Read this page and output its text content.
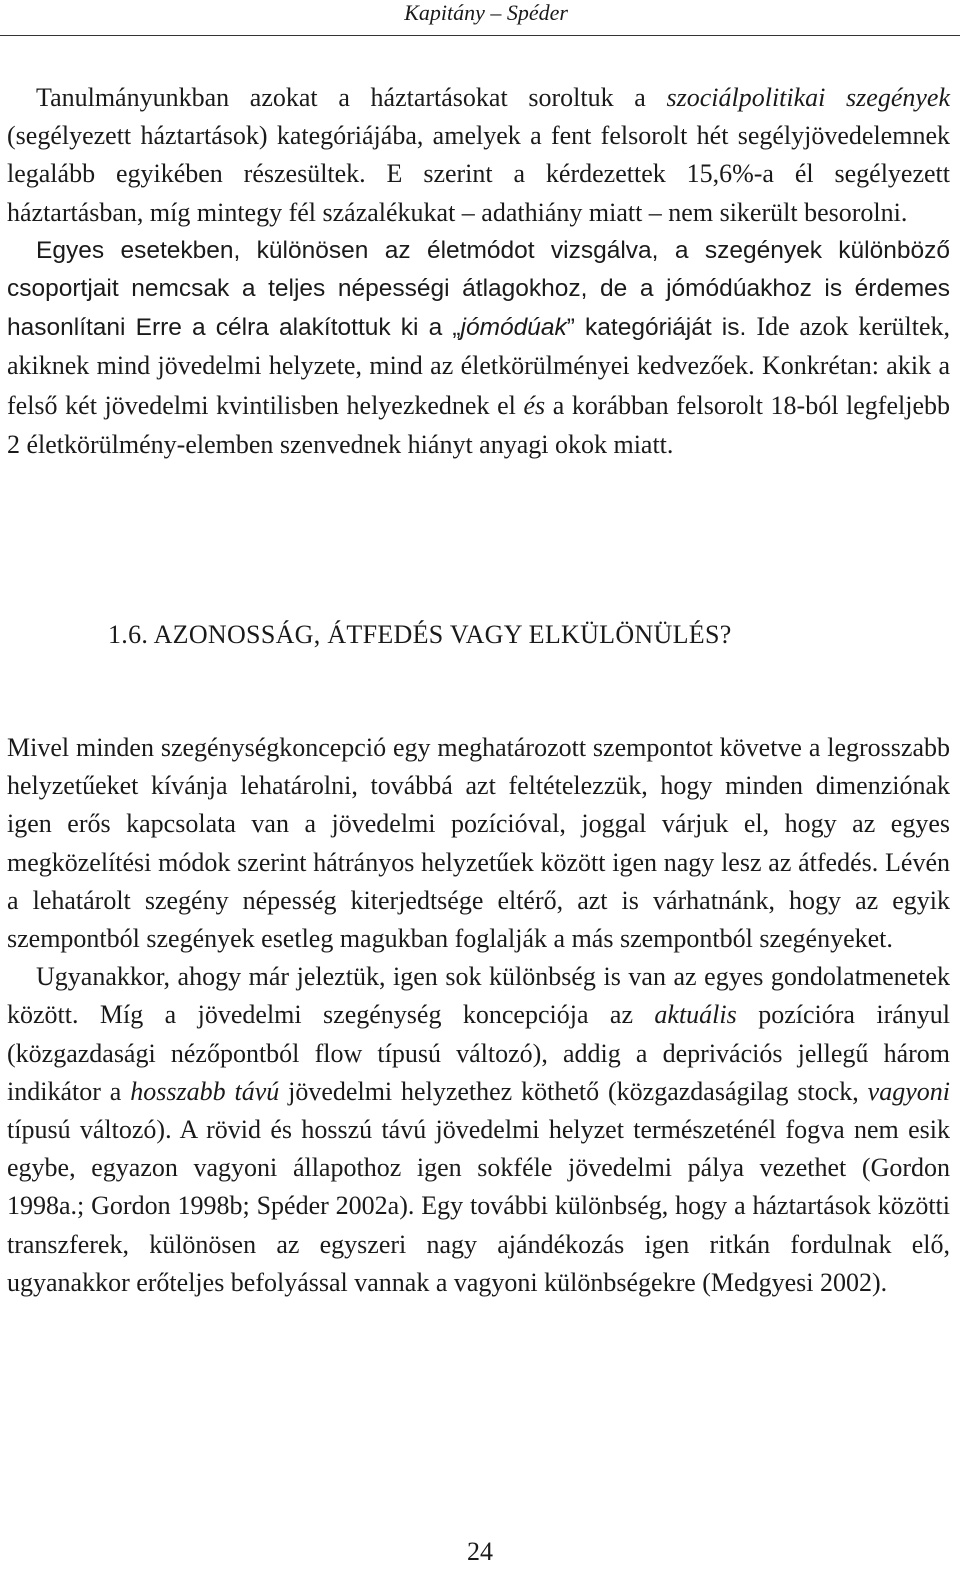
Kapitány – Spéder

Tanulmányunkban azokat a háztartásokat soroltuk a szociálpolitikai szegények (segélyezett háztartások) kategóriájába, amelyek a fent felsorolt hét segélyjövedelemnek legalább egyikében részesültek. E szerint a kérdezettek 15,6%-a él segélyezett háztartásban, míg mintegy fél százalékukat – adathiány miatt – nem sikerült besorolni.

Egyes esetekben, különösen az életmódot vizsgálva, a szegények különböző csoportjait nemcsak a teljes népességi átlagokhoz, de a jómódúakhoz is érdemes hasonlítani Erre a célra alakítottuk ki a „jómódúak” kategóriáját is. Ide azok kerültek, akiknek mind jövedelmi helyzete, mind az életkörülményei kedvezőek. Konkrétan: akik a felső két jövedelmi kvintilisben helyezkednek el és a korábban felsorolt 18-ból legfeljebb 2 életkörülmény-elemben szenvednek hiányt anyagi okok miatt.

1.6. AZONOSSÁG, ÁTFEDÉS VAGY ELKÜLÖNÜLÉS?

Mivel minden szegénységkoncepció egy meghatározott szempontot követve a legrosszabb helyzetűeket kívánja lehatárolni, továbbá azt feltételezzük, hogy minden dimenziónak igen erős kapcsolata van a jövedelmi pozícióval, joggal várjuk el, hogy az egyes megközelítési módok szerint hátrányos helyzetűek között igen nagy lesz az átfedés. Lévén a lehatárolt szegény népesség kiterjedtsége eltérő, azt is várhatnánk, hogy az egyik szempontból szegények esetleg magukban foglalják a más szempontból szegényeket.

Ugyanakkor, ahogy már jeleztük, igen sok különbség is van az egyes gondolatmenetek között. Míg a jövedelmi szegénység koncepciója az aktuális pozícióra irányul (közgazdasági nézőpontból flow típusú változó), addig a deprivációs jellegű három indikátor a hosszabb távú jövedelmi helyzethez köthető (közgazdaságilag stock, vagyoni típusú változó). A rövid és hosszú távú jövedelmi helyzet természeténél fogva nem esik egybe, egyazon vagyoni állapothoz igen sokféle jövedelmi pálya vezethet (Gordon 1998a.; Gordon 1998b; Spéder 2002a). Egy további különbség, hogy a háztartások közötti transzferek, különösen az egyszeri nagy ajándékozás igen ritkán fordulnak elő, ugyanakkor erőteljes befolyással vannak a vagyoni különbségekre (Medgyesi 2002).

24
